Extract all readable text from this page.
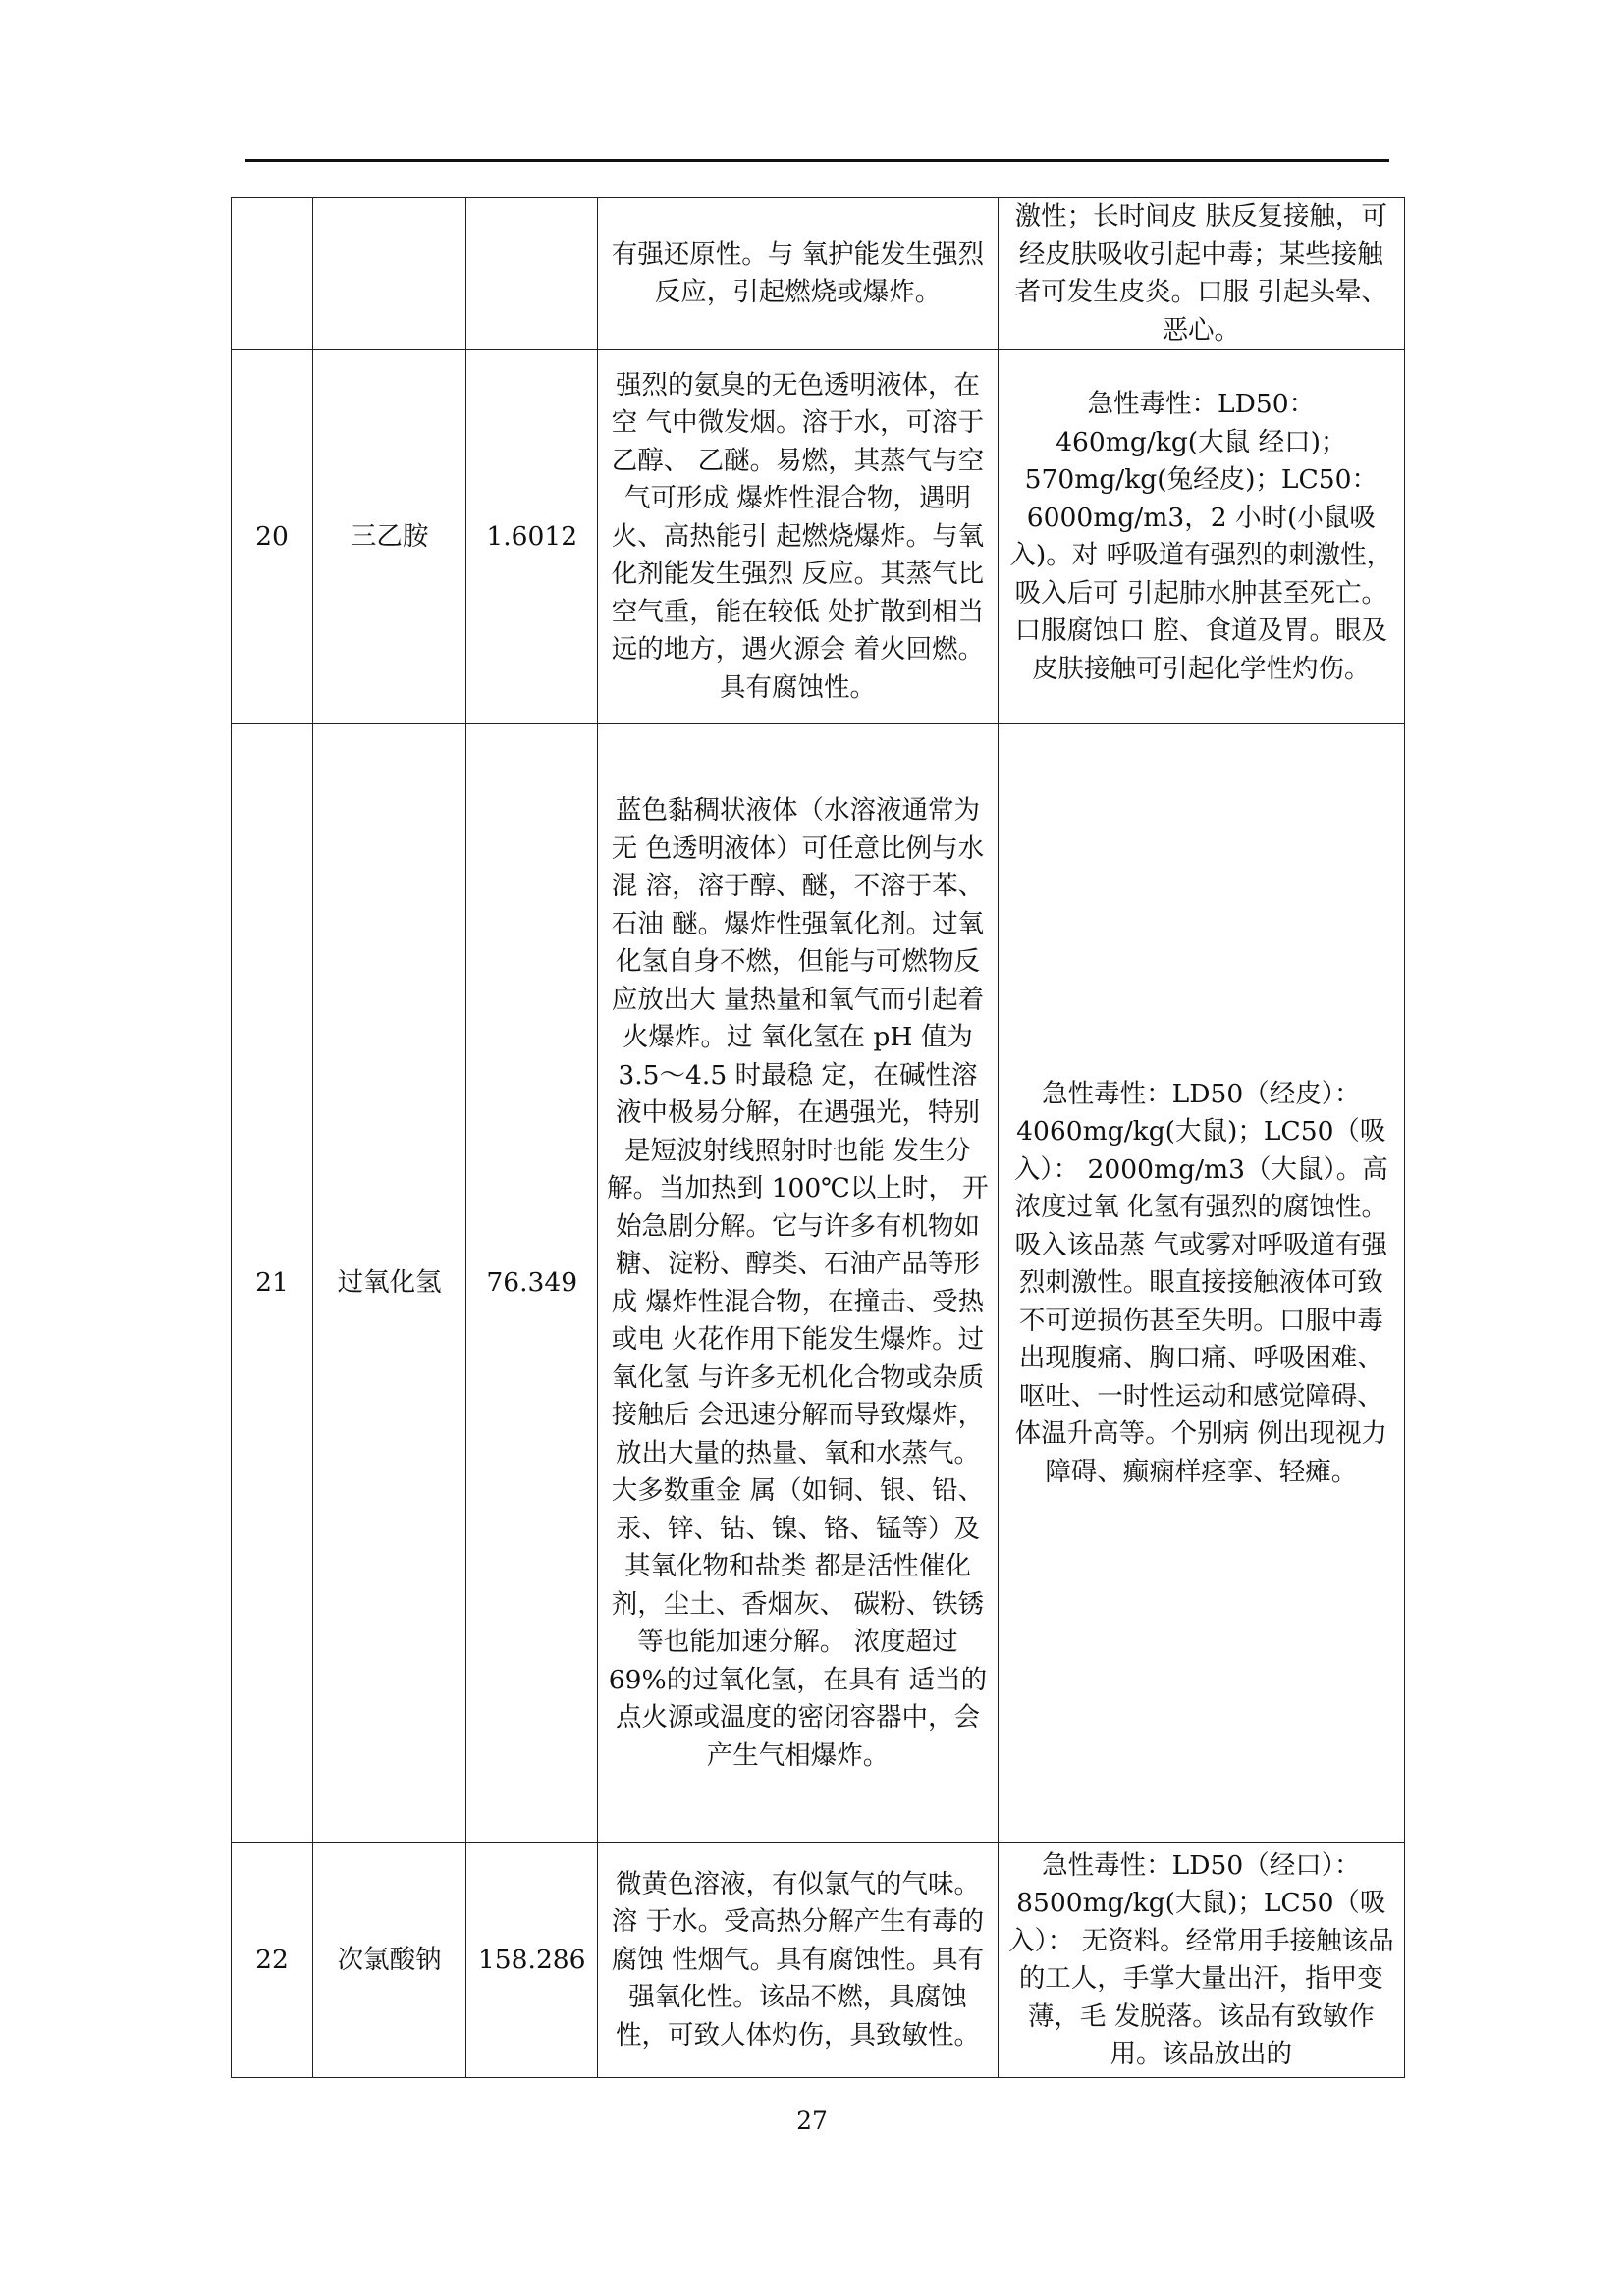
			有强还原性。与 氧护能发生强烈反应，引起燃烧或爆炸。	激性；长时间皮 肤反复接触，可经皮肤吸收引起中毒；某些接触者可发生皮炎。口服 引起头晕、恶心。
20	三乙胺	1.6012	强烈的氨臭的无色透明液体，在空 气中微发烟。溶于水，可溶于乙醇、 乙醚。易燃，其蒸气与空气可形成 爆炸性混合物，遇明火、高热能引 起燃烧爆炸。与氧化剂能发生强烈 反应。其蒸气比空气重，能在较低 处扩散到相当远的地方，遇火源会 着火回燃。具有腐蚀性。	急性毒性：LD50：460mg/kg(大鼠 经口)；570mg/kg(兔经皮)；LC50：6000mg/m3，2 小时(小鼠吸入)。对 呼吸道有强烈的刺激性，吸入后可 引起肺水肿甚至死亡。口服腐蚀口 腔、食道及胃。眼及皮肤接触可引起化学性灼伤。
21	过氧化氢	76.349	蓝色黏稠状液体（水溶液通常为无 色透明液体）可任意比例与水混 溶，溶于醇、醚，不溶于苯、石油 醚。爆炸性强氧化剂。过氧化氢自身不燃，但能与可燃物反应放出大 量热量和氧气而引起着火爆炸。过 氧化氢在 pH 值为 3.5～4.5 时最稳 定，在碱性溶液中极易分解，在遇强光，特别是短波射线照射时也能 发生分解。当加热到 100℃以上时， 开始急剧分解。它与许多有机物如 糖、淀粉、醇类、石油产品等形成 爆炸性混合物，在撞击、受热或电 火花作用下能发生爆炸。过氧化氢 与许多无机化合物或杂质接触后 会迅速分解而导致爆炸，放出大量的热量、氧和水蒸气。大多数重金 属（如铜、银、铅、汞、锌、钴、镍、铬、锰等）及其氧化物和盐类 都是活性催化剂，尘土、香烟灰、 碳粉、铁锈等也能加速分解。 浓度超过 69%的过氧化氢，在具有 适当的点火源或温度的密闭容器中，会产生气相爆炸。	急性毒性：LD50（经皮）：4060mg/kg(大鼠)；LC50（吸入）： 2000mg/m3（大鼠）。高浓度过氧 化氢有强烈的腐蚀性。吸入该品蒸 气或雾对呼吸道有强烈刺激性。眼直接接触液体可致不可逆损伤甚至失明。口服中毒出现腹痛、胸口痛、呼吸困难、呕吐、一时性运动和感觉障碍、体温升高等。个别病 例出现视力障碍、癫痫样痉挛、轻瘫。
22	次氯酸钠	158.286	微黄色溶液，有似氯气的气味。溶 于水。受高热分解产生有毒的腐蚀 性烟气。具有腐蚀性。具有强氧化性。该品不燃，具腐蚀性，可致人体灼伤，具致敏性。	急性毒性：LD50（经口）：8500mg/kg(大鼠)；LC50（吸入）： 无资料。经常用手接触该品的工人，手掌大量出汗，指甲变薄，毛 发脱落。该品有致敏作用。该品放出的
27
